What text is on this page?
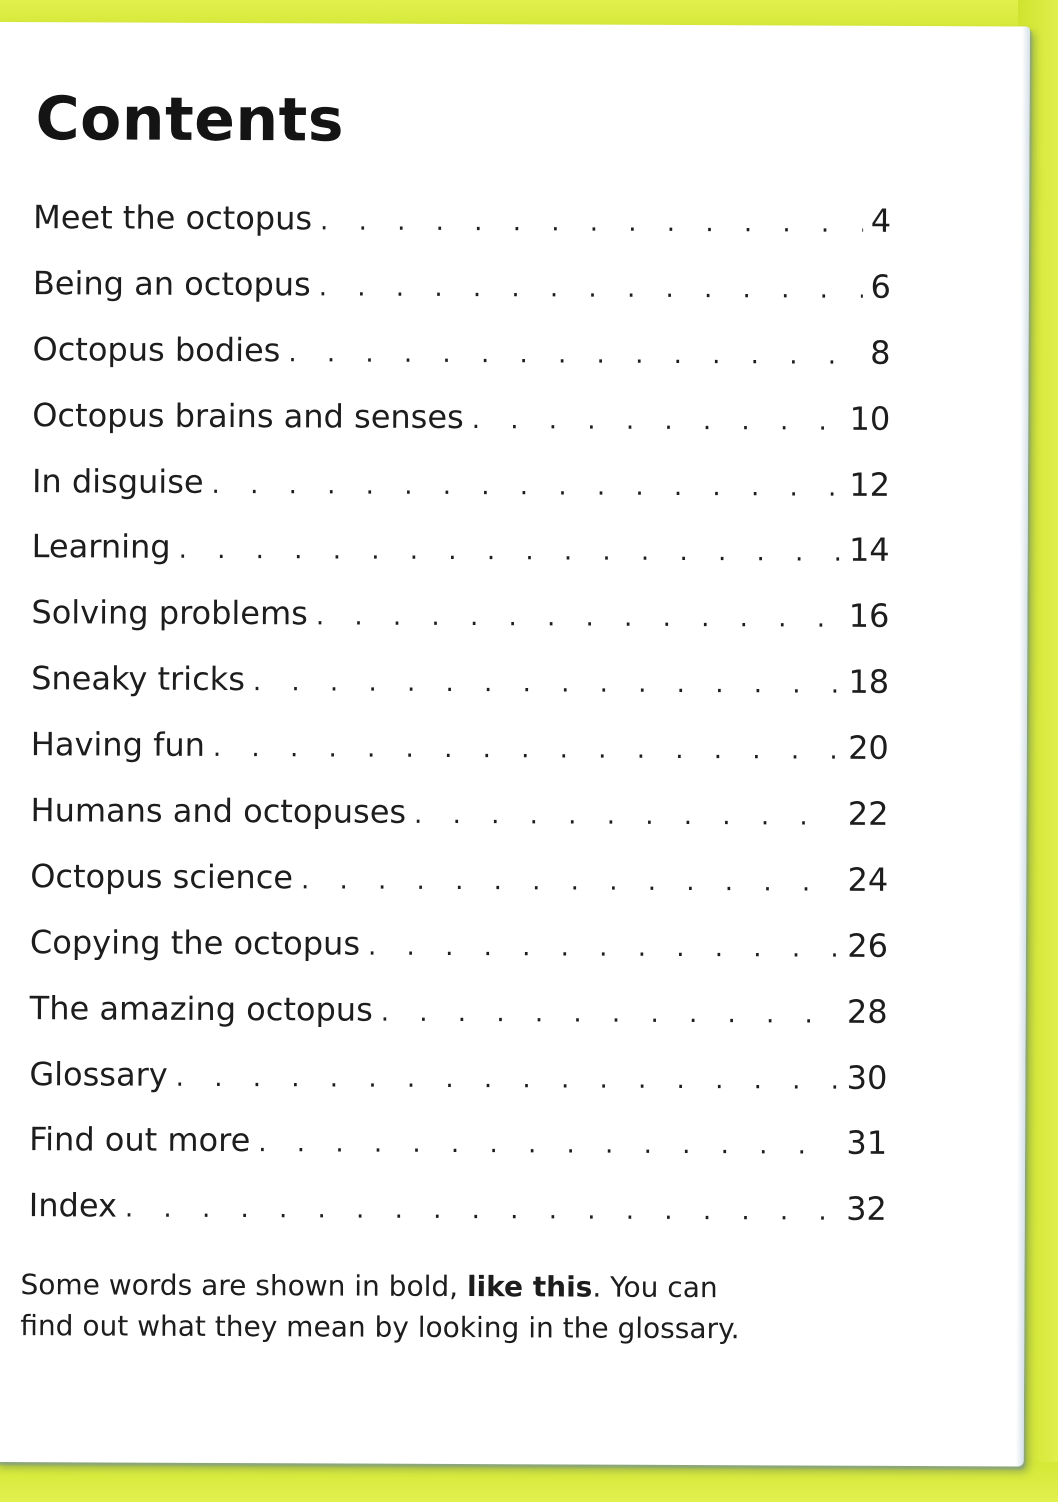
Contents
Meet the octopus . . .	4
Being an octopus . . .	6
Octopus bodies . . .	8
Octopus brains and senses . . .	10
In disguise . . .	12
Learning . . .	14
Solving problems . . .	16
Sneaky tricks . . .	18
Having fun . . .	20
Humans and octopuses . . .	22
Octopus science . . .	24
Copying the octopus . . .	26
The amazing octopus . . .	28
Glossary . . .	30
Find out more . . .	31
Index . . .	32

Some words are shown in bold, like this. You can find out what they mean by looking in the glossary.
